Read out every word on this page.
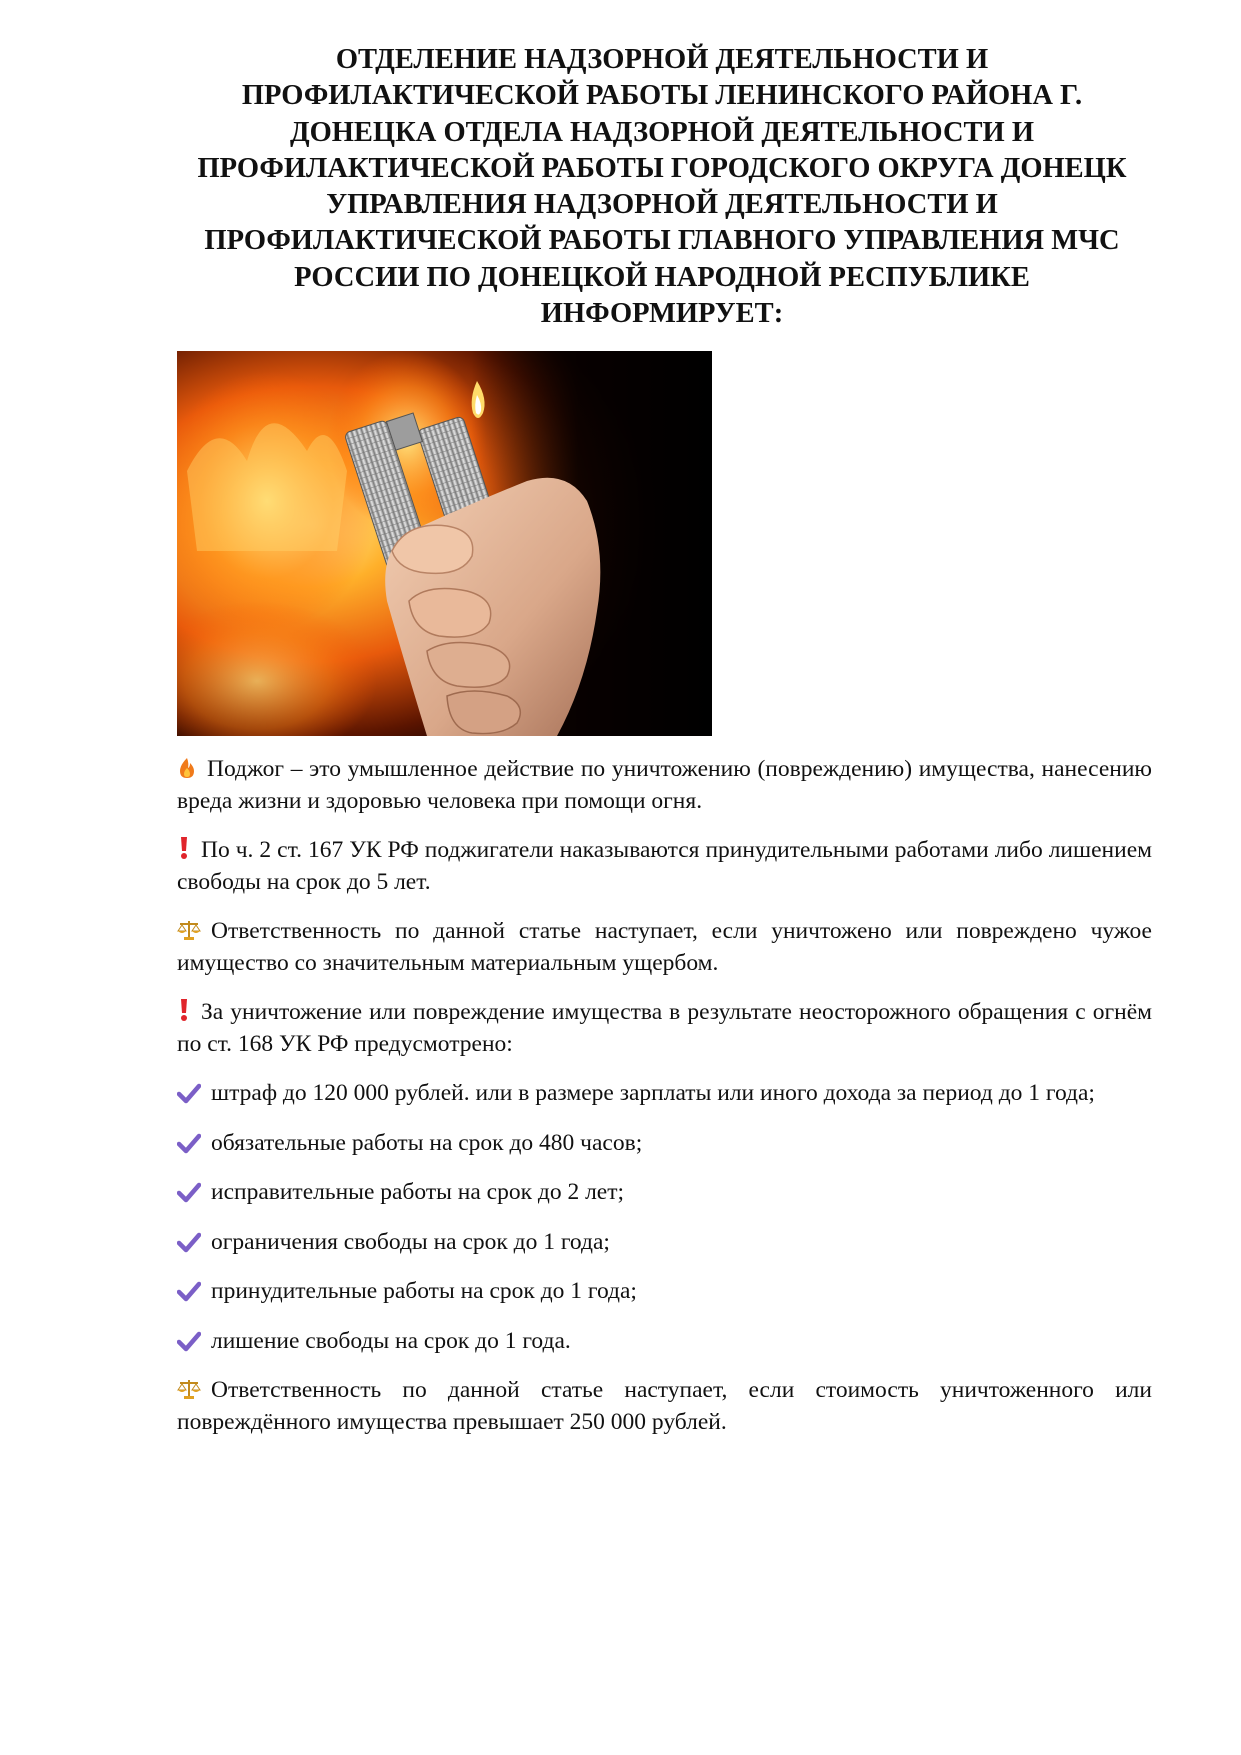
ОТДЕЛЕНИЕ НАДЗОРНОЙ ДЕЯТЕЛЬНОСТИ И
ПРОФИЛАКТИЧЕСКОЙ РАБОТЫ ЛЕНИНСКОГО РАЙОНА Г.
ДОНЕЦКА ОТДЕЛА НАДЗОРНОЙ ДЕЯТЕЛЬНОСТИ И
ПРОФИЛАКТИЧЕСКОЙ РАБОТЫ ГОРОДСКОГО ОКРУГА ДОНЕЦК
УПРАВЛЕНИЯ НАДЗОРНОЙ ДЕЯТЕЛЬНОСТИ И
ПРОФИЛАКТИЧЕСКОЙ РАБОТЫ ГЛАВНОГО УПРАВЛЕНИЯ МЧС
РОССИИ ПО ДОНЕЦКОЙ НАРОДНОЙ РЕСПУБЛИКЕ
ИНФОРМИРУЕТ:

Поджог – это умышленное действие по уничтожению (повреждению) имущества, нанесению вреда жизни и здоровью человека при помощи огня.

По ч. 2 ст. 167 УК РФ поджигатели наказываются принудительными работами либо лишением свободы на срок до 5 лет.

Ответственность по данной статье наступает, если уничтожено или повреждено чужое имущество со значительным материальным ущербом.

За уничтожение или повреждение имущества в результате неосторожного обращения с огнём по ст. 168 УК РФ предусмотрено:

штраф до 120 000 рублей. или в размере зарплаты или иного дохода за период до 1 года;
обязательные работы на срок до 480 часов;
исправительные работы на срок до 2 лет;
ограничения свободы на срок до 1 года;
принудительные работы на срок до 1 года;
лишение свободы на срок до 1 года.

Ответственность по данной статье наступает, если стоимость уничтоженного или повреждённого имущества превышает 250 000 рублей.
